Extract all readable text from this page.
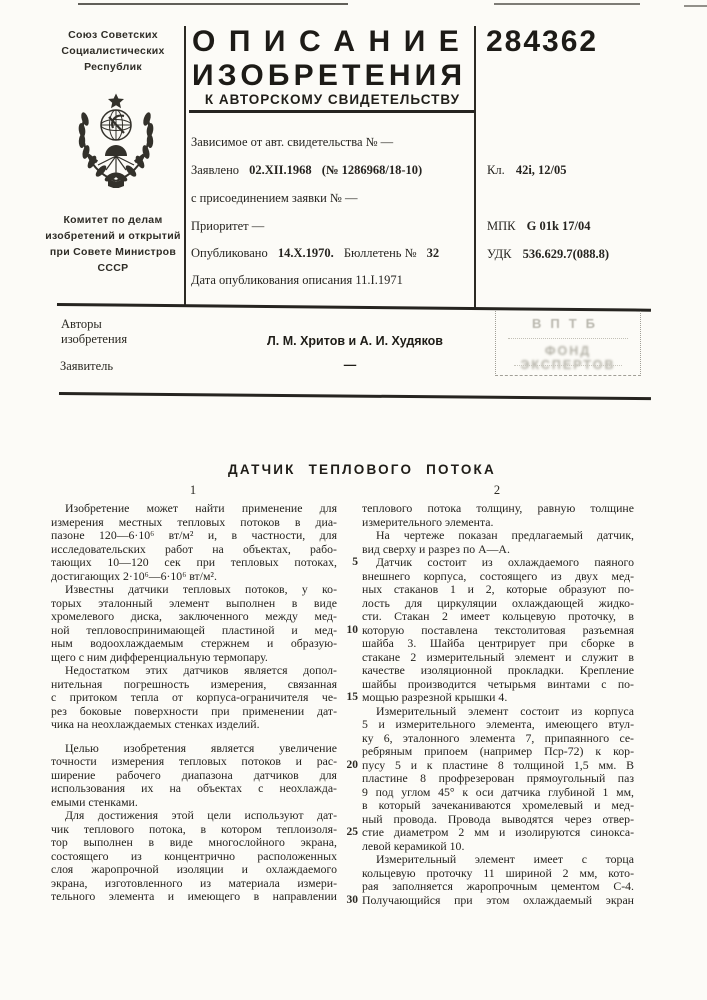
Союз Советских
Социалистических
Республик
Комитет по делам
изобретений и открытий
при Совете Министров
СССР
ОПИСАНИЕ
ИЗОБРЕТЕНИЯ
К АВТОРСКОМУ СВИДЕТЕЛЬСТВУ
284362
Зависимое от авт. свидетельства № —
Заявлено 02.XII.1968 (№ 1286968/18-10)
с присоединением заявки № —
Приоритет —
Опубликовано 14.X.1970. Бюллетень № 32
Дата опубликования описания 11.I.1971
Кл. 42i, 12/05
МПК G 01k 17/04
УДК 536.629.7(088.8)
Авторы
изобретения	Л. М. Хритов и А. И. Худяков
Заявитель	—
ВПТБ
ФОНД ЭКСПЕРТОВ
ДАТЧИК ТЕПЛОВОГО ПОТОКА
1	2
Изобретение может найти применение для
измерения местных тепловых потоков в диа-
пазоне 120—6·10⁶ вт/м² и, в частности, для
исследовательских работ на объектах, рабо-
тающих 10—120 сек при тепловых потоках,
достигающих 2·10⁶—6·10⁶ вт/м².
Известны датчики тепловых потоков, у ко-
торых эталонный элемент выполнен в виде
хромелевого диска, заключенного между мед-
ной тепловоспринимающей пластиной и мед-
ным водоохлаждаемым стержнем и образую-
щего с ним дифференциальную термопару.
Недостатком этих датчиков является допол-
нительная погрешность измерения, связанная
с притоком тепла от корпуса-ограничителя че-
рез боковые поверхности при применении дат-
чика на неохлаждаемых стенках изделий.
Целью изобретения является увеличение
точности измерения тепловых потоков и рас-
ширение рабочего диапазона датчиков для
использования их на объектах с неохлажда-
емыми стенками.
Для достижения этой цели используют дат-
чик теплового потока, в котором теплоизоля-
тор выполнен в виде многослойного экрана,
состоящего из концентрично расположенных
слоя жаропрочной изоляции и охлаждаемого
экрана, изготовленного из материала измери-
тельного элемента и имеющего в направлении
5
10
15
20
25
30
теплового потока толщину, равную толщине
измерительного элемента.
На чертеже показан предлагаемый датчик,
вид сверху и разрез по А—А.
Датчик состоит из охлаждаемого паяного
внешнего корпуса, состоящего из двух мед-
ных стаканов 1 и 2, которые образуют по-
лость для циркуляции охлаждающей жидко-
сти. Стакан 2 имеет кольцевую проточку, в
которую поставлена текстолитовая разъемная
шайба 3. Шайба центрирует при сборке в
стакане 2 измерительный элемент и служит в
качестве изоляционной прокладки. Крепление
шайбы производится четырьмя винтами с по-
мощью разрезной крышки 4.
Измерительный элемент состоит из корпуса
5 и измерительного элемента, имеющего втул-
ку 6, эталонного элемента 7, припаянного се-
ребряным припоем (например Пср-72) к кор-
пусу 5 и к пластине 8 толщиной 1,5 мм. В
пластине 8 профрезерован прямоугольный паз
9 под углом 45° к оси датчика глубиной 1 мм,
в который зачеканиваются хромелевый и мед-
ный провода. Провода выводятся через отвер-
стие диаметром 2 мм и изолируются синокса-
левой керамикой 10.
Измерительный элемент имеет с торца
кольцевую проточку 11 шириной 2 мм, кото-
рая заполняется жаропрочным цементом С-4.
Получающийся при этом охлаждаемый экран
